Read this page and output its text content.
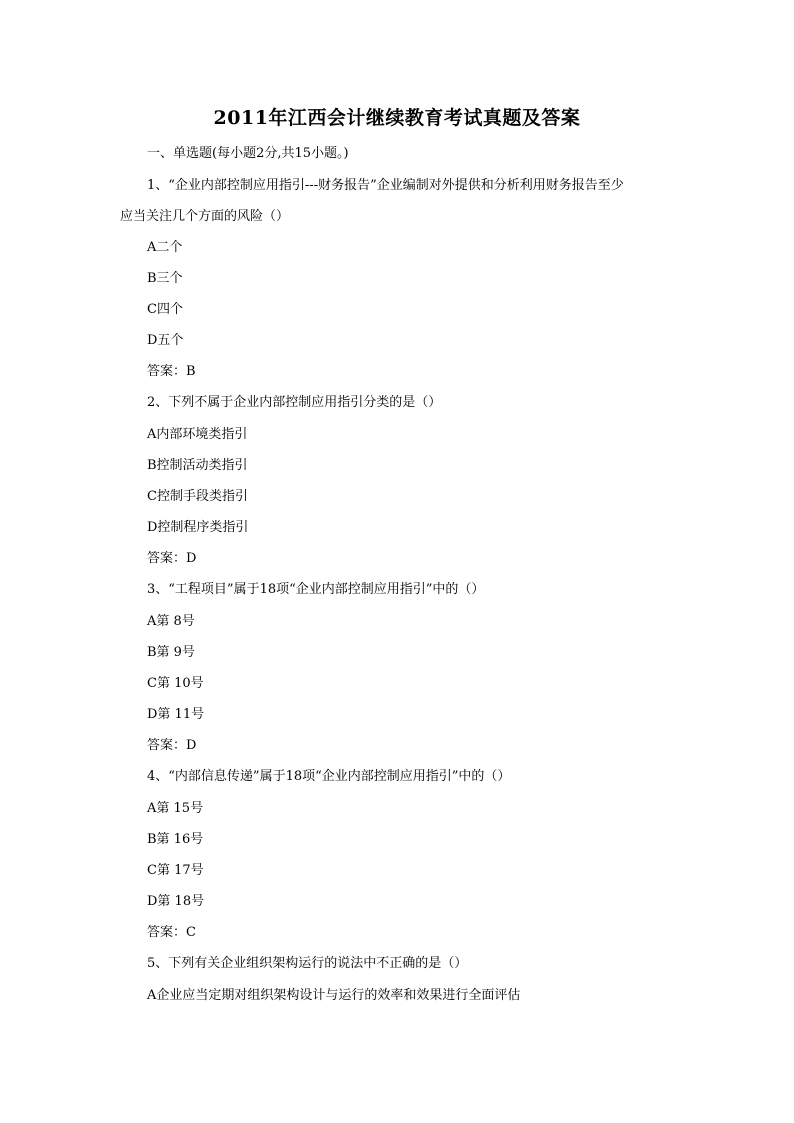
2011年江西会计继续教育考试真题及答案
一、单选题(每小题2分,共15小题。)
1、“企业内部控制应用指引---财务报告”企业编制对外提供和分析利用财务报告至少
应当关注几个方面的风险（）
A二个
B三个
C四个
D五个
答案：B
2、下列不属于企业内部控制应用指引分类的是（）
A内部环境类指引
B控制活动类指引
C控制手段类指引
D控制程序类指引
答案：D
3、“工程项目”属于18项“企业内部控制应用指引”中的（）
A第 8号
B第 9号
C第 10号
D第 11号
答案：D
4、“内部信息传递”属于18项“企业内部控制应用指引”中的（）
A第 15号
B第 16号
C第 17号
D第 18号
答案：C
5、下列有关企业组织架构运行的说法中不正确的是（）
A企业应当定期对组织架构设计与运行的效率和效果进行全面评估
